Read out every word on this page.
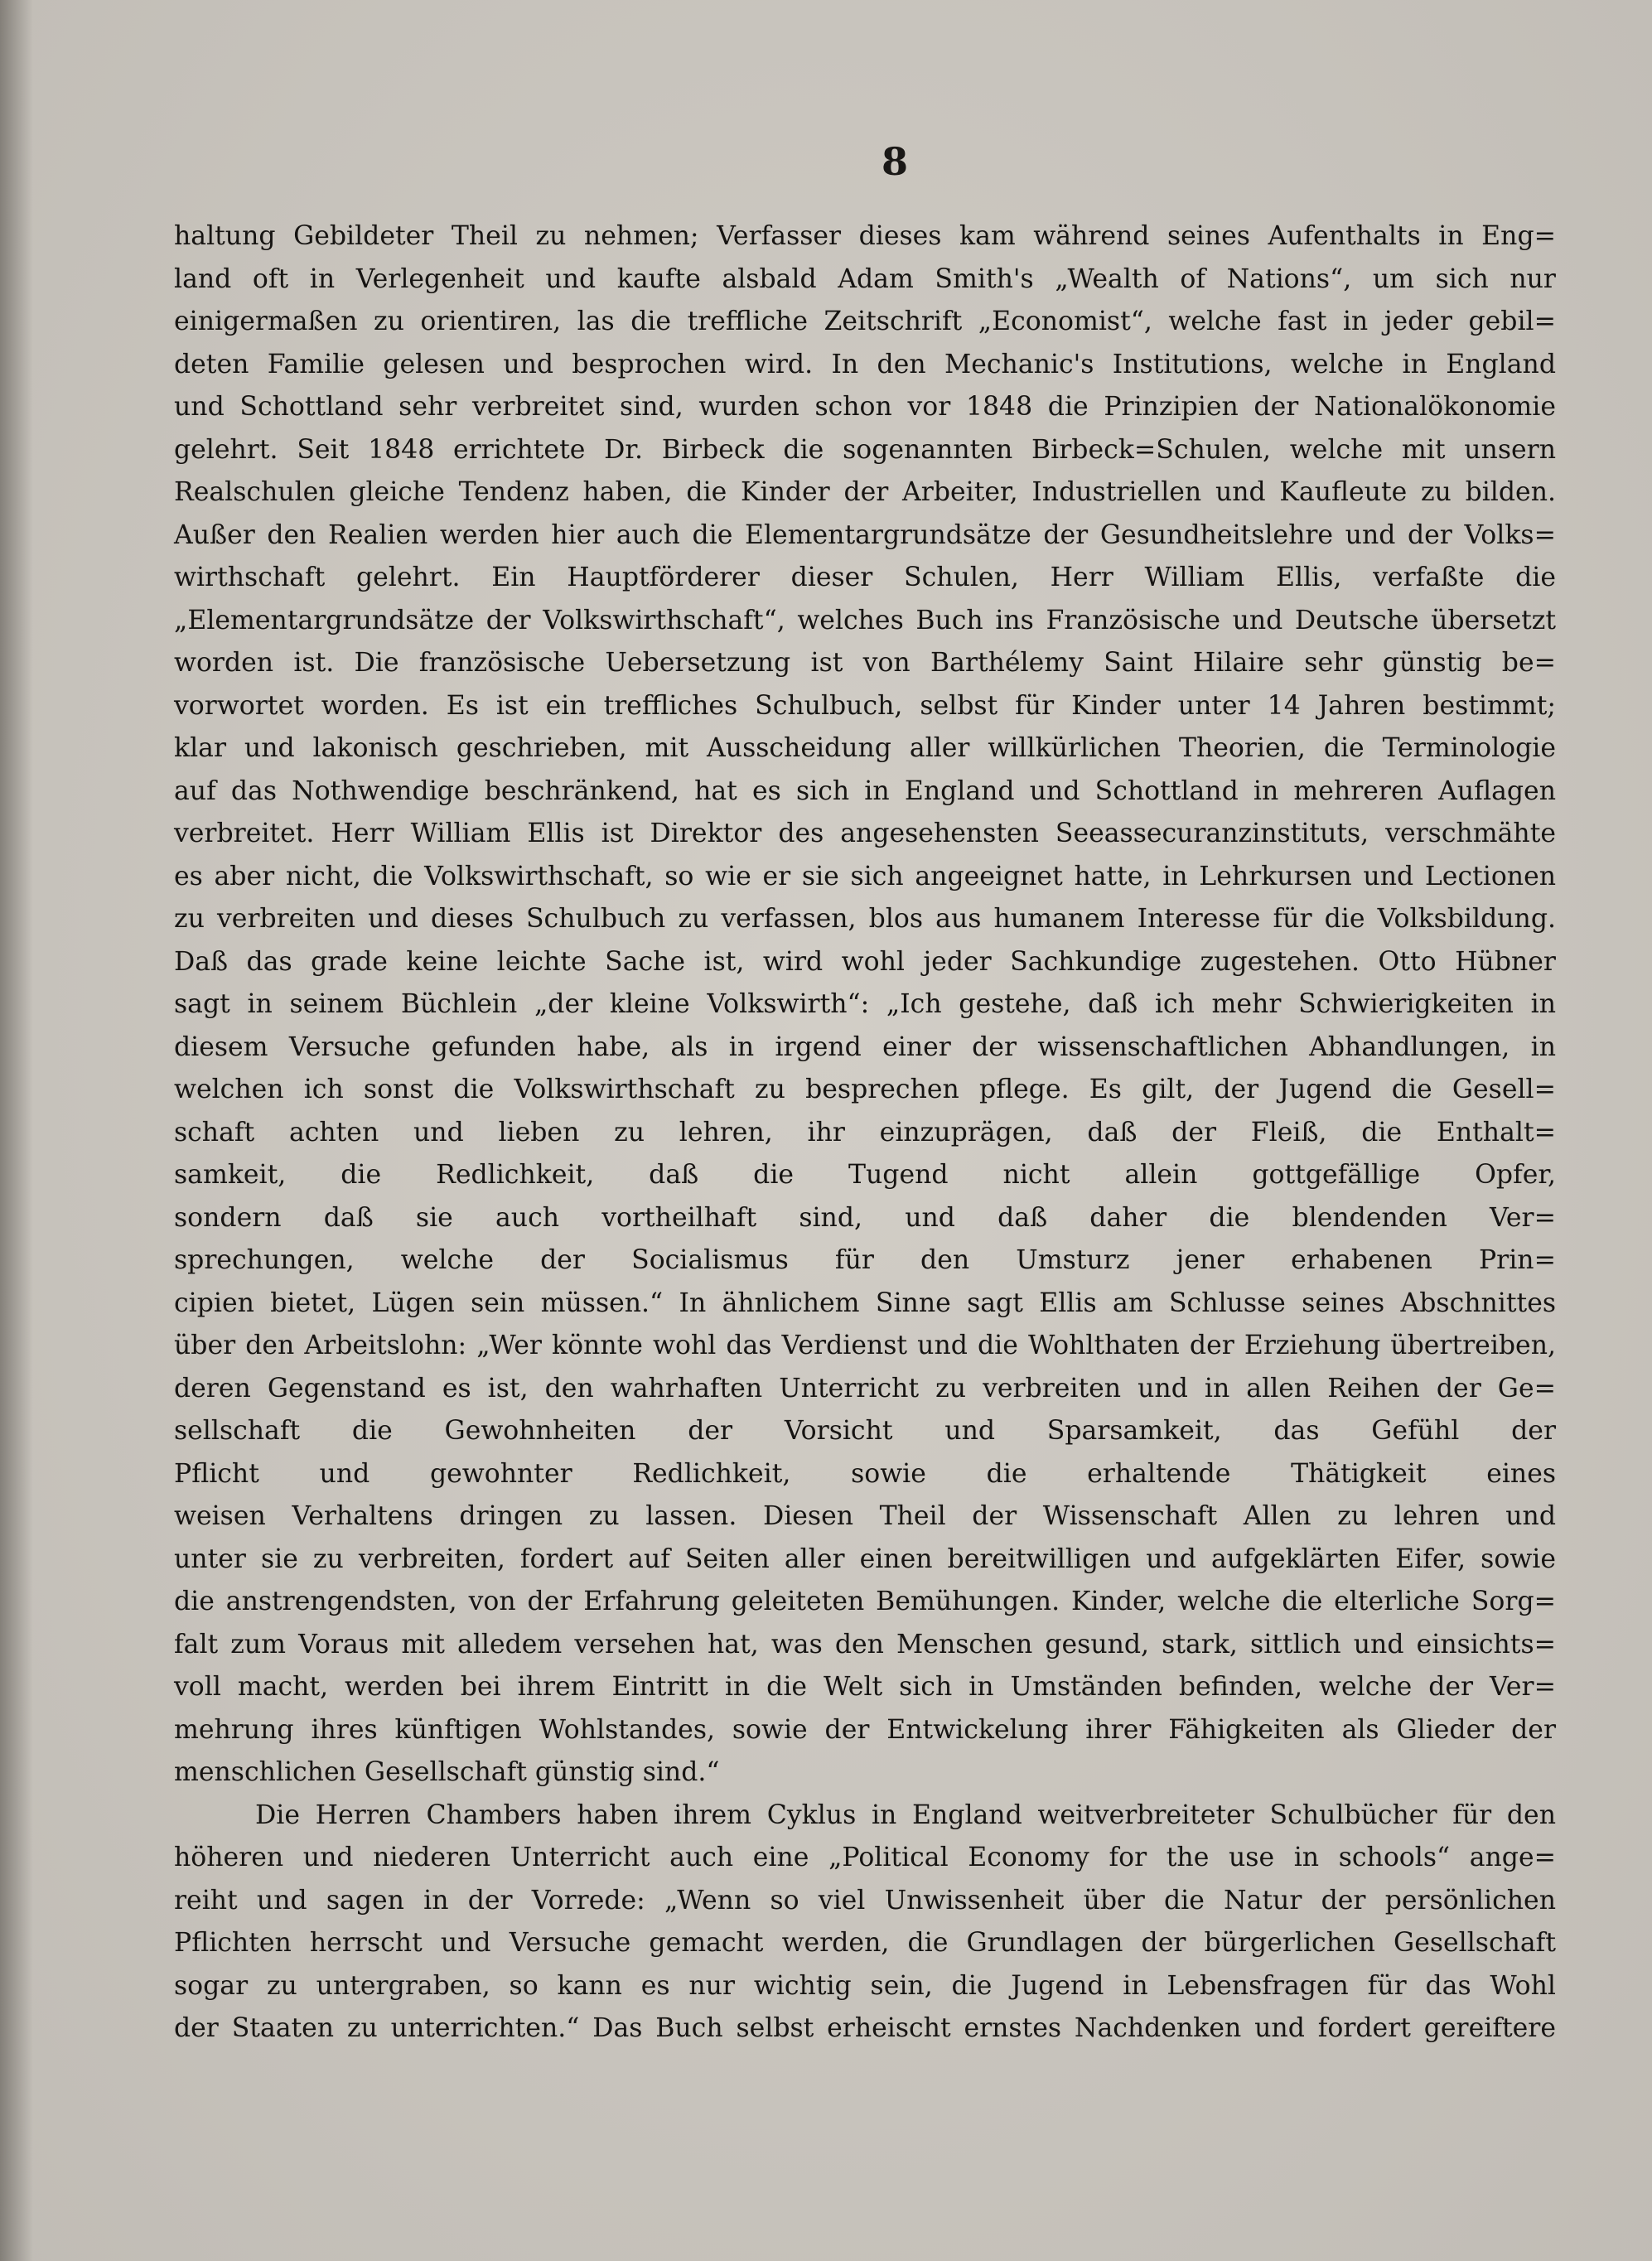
8
haltung Gebildeter Theil zu nehmen; Verfasser dieses kam während seines Aufenthalts in Eng=
land oft in Verlegenheit und kaufte alsbald Adam Smith's „Wealth of Nations“, um sich nur
einigermaßen zu orientiren, las die treffliche Zeitschrift „Economist“, welche fast in jeder gebil=
deten Familie gelesen und besprochen wird. In den Mechanic's Institutions, welche in England
und Schottland sehr verbreitet sind, wurden schon vor 1848 die Prinzipien der Nationalökonomie
gelehrt. Seit 1848 errichtete Dr. Birbeck die sogenannten Birbeck=Schulen, welche mit unsern
Realschulen gleiche Tendenz haben, die Kinder der Arbeiter, Industriellen und Kaufleute zu bilden.
Außer den Realien werden hier auch die Elementargrundsätze der Gesundheitslehre und der Volks=
wirthschaft gelehrt. Ein Hauptförderer dieser Schulen, Herr William Ellis, verfaßte die
„Elementargrundsätze der Volkswirthschaft“, welches Buch ins Französische und Deutsche übersetzt
worden ist. Die französische Uebersetzung ist von Barthélemy Saint Hilaire sehr günstig be=
vorwortet worden. Es ist ein treffliches Schulbuch, selbst für Kinder unter 14 Jahren bestimmt;
klar und lakonisch geschrieben, mit Ausscheidung aller willkürlichen Theorien, die Terminologie
auf das Nothwendige beschränkend, hat es sich in England und Schottland in mehreren Auflagen
verbreitet. Herr William Ellis ist Direktor des angesehensten Seeassecuranzinstituts, verschmähte
es aber nicht, die Volkswirthschaft, so wie er sie sich angeeignet hatte, in Lehrkursen und Lectionen
zu verbreiten und dieses Schulbuch zu verfassen, blos aus humanem Interesse für die Volksbildung.
Daß das grade keine leichte Sache ist, wird wohl jeder Sachkundige zugestehen. Otto Hübner
sagt in seinem Büchlein „der kleine Volkswirth“: „Ich gestehe, daß ich mehr Schwierigkeiten in
diesem Versuche gefunden habe, als in irgend einer der wissenschaftlichen Abhandlungen, in
welchen ich sonst die Volkswirthschaft zu besprechen pflege. Es gilt, der Jugend die Gesell=
schaft achten und lieben zu lehren, ihr einzuprägen, daß der Fleiß, die Enthalt=
samkeit, die Redlichkeit, daß die Tugend nicht allein gottgefällige Opfer,
sondern daß sie auch vortheilhaft sind, und daß daher die blendenden Ver=
sprechungen, welche der Socialismus für den Umsturz jener erhabenen Prin=
cipien bietet, Lügen sein müssen.“ In ähnlichem Sinne sagt Ellis am Schlusse seines Abschnittes
über den Arbeitslohn: „Wer könnte wohl das Verdienst und die Wohlthaten der Erziehung übertreiben,
deren Gegenstand es ist, den wahrhaften Unterricht zu verbreiten und in allen Reihen der Ge=
sellschaft die Gewohnheiten der Vorsicht und Sparsamkeit, das Gefühl der
Pflicht und gewohnter Redlichkeit, sowie die erhaltende Thätigkeit eines
weisen Verhaltens dringen zu lassen. Diesen Theil der Wissenschaft Allen zu lehren und
unter sie zu verbreiten, fordert auf Seiten aller einen bereitwilligen und aufgeklärten Eifer, sowie
die anstrengendsten, von der Erfahrung geleiteten Bemühungen. Kinder, welche die elterliche Sorg=
falt zum Voraus mit alledem versehen hat, was den Menschen gesund, stark, sittlich und einsichts=
voll macht, werden bei ihrem Eintritt in die Welt sich in Umständen befinden, welche der Ver=
mehrung ihres künftigen Wohlstandes, sowie der Entwickelung ihrer Fähigkeiten als Glieder der
menschlichen Gesellschaft günstig sind.“
Die Herren Chambers haben ihrem Cyklus in England weitverbreiteter Schulbücher für den
höheren und niederen Unterricht auch eine „Political Economy for the use in schools“ ange=
reiht und sagen in der Vorrede: „Wenn so viel Unwissenheit über die Natur der persönlichen
Pflichten herrscht und Versuche gemacht werden, die Grundlagen der bürgerlichen Gesellschaft
sogar zu untergraben, so kann es nur wichtig sein, die Jugend in Lebensfragen für das Wohl
der Staaten zu unterrichten.“ Das Buch selbst erheischt ernstes Nachdenken und fordert gereiftere
